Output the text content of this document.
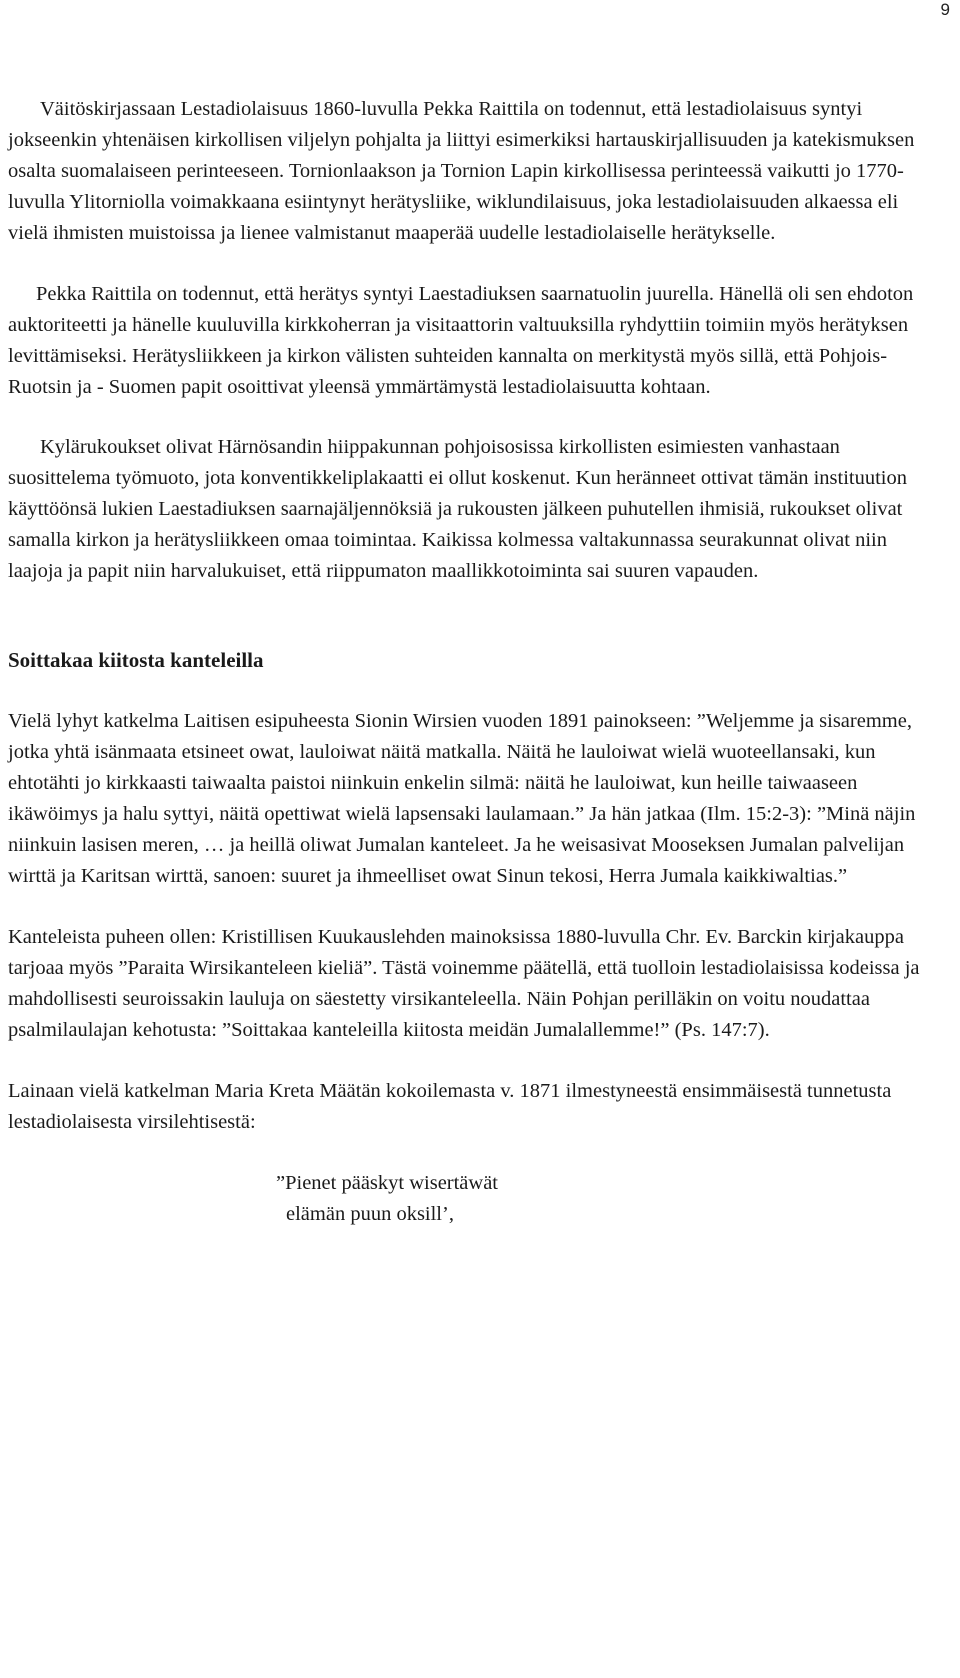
9

Väitöskirjassaan Lestadiolaisuus 1860-luvulla Pekka Raittila on todennut, että lestadiolaisuus syntyi jokseenkin yhtenäisen kirkollisen viljelyn pohjalta ja liittyi esimerkiksi hartauskirjallisuuden ja katekismuksen osalta suomalaiseen perinteeseen. Tornionlaakson ja Tornion Lapin kirkollisessa perinteessä vaikutti jo 1770-luvulla Ylitorniolla voimakkaana esiintynyt herätysliike, wiklundilaisuus, joka lestadiolaisuuden alkaessa eli vielä ihmisten muistoissa ja lienee valmistanut maaperää uudelle lestadiolaiselle herätykselle.

Pekka Raittila on todennut, että herätys syntyi Laestadiuksen saarnatuolin juurella. Hänellä oli sen ehdoton auktoriteetti ja hänelle kuuluvilla kirkkoherran ja visitaattorin valtuuksilla ryhdyttiin toimiin myös herätyksen levittämiseksi. Herätysliikkeen ja kirkon välisten suhteiden kannalta on merkitystä myös sillä, että Pohjois-Ruotsin ja - Suomen papit osoittivat yleensä ymmärtämystä lestadiolaisuutta kohtaan.

Kylärukoukset olivat Härnösandin hiippakunnan pohjoisosissa kirkollisten esimiesten vanhastaan suosittelema työmuoto, jota konventikkeliplakaatti ei ollut koskenut. Kun heränneet ottivat tämän instituution käyttöönsä lukien Laestadiuksen saarnajäljennöksiä ja rukousten jälkeen puhutellen ihmisiä, rukoukset olivat samalla kirkon ja herätysliikkeen omaa toimintaa. Kaikissa kolmessa valtakunnassa seurakunnat olivat niin laajoja ja papit niin harvalukuiset, että riippumaton maallikkotoiminta sai suuren vapauden.

Soittakaa kiitosta kanteleilla

Vielä lyhyt katkelma Laitisen esipuheesta Sionin Wirsien vuoden 1891 painokseen: ”Weljemme ja sisaremme, jotka yhtä isänmaata etsineet owat, lauloiwat näitä matkalla. Näitä he lauloiwat wielä wuoteellansaki, kun ehtotähti jo kirkkaasti taiwaalta paistoi niinkuin enkelin silmä: näitä he lauloiwat, kun heille taiwaaseen ikäwöimys ja halu syttyi, näitä opettiwat wielä lapsensaki laulamaan.” Ja hän jatkaa (Ilm. 15:2-3): ”Minä näjin niinkuin lasisen meren, … ja heillä oliwat Jumalan kanteleet. Ja he weisasivat Mooseksen Jumalan palvelijan wirttä ja Karitsan wirttä, sanoen: suuret ja ihmeelliset owat Sinun tekosi, Herra Jumala kaikkiwaltias.”

Kanteleista puheen ollen: Kristillisen Kuukauslehden mainoksissa 1880-luvulla Chr. Ev. Barckin kirjakauppa tarjoaa myös ”Paraita Wirsikanteleen kieliä”. Tästä voinemme päätellä, että tuolloin lestadiolaisissa kodeissa ja mahdollisesti seuroissakin lauluja on säestetty virsikanteleella. Näin Pohjan perilläkin on voitu noudattaa psalmilaulajan kehotusta: ”Soittakaa kanteleilla kiitosta meidän Jumalallemme!” (Ps. 147:7).

Lainaan vielä katkelman Maria Kreta Määtän kokoilemasta v. 1871 ilmestyneestä ensimmäisestä tunnetusta lestadiolaisesta virsilehtisestä:

”Pienet pääskyt wisertäwät
elämän puun oksill’,
